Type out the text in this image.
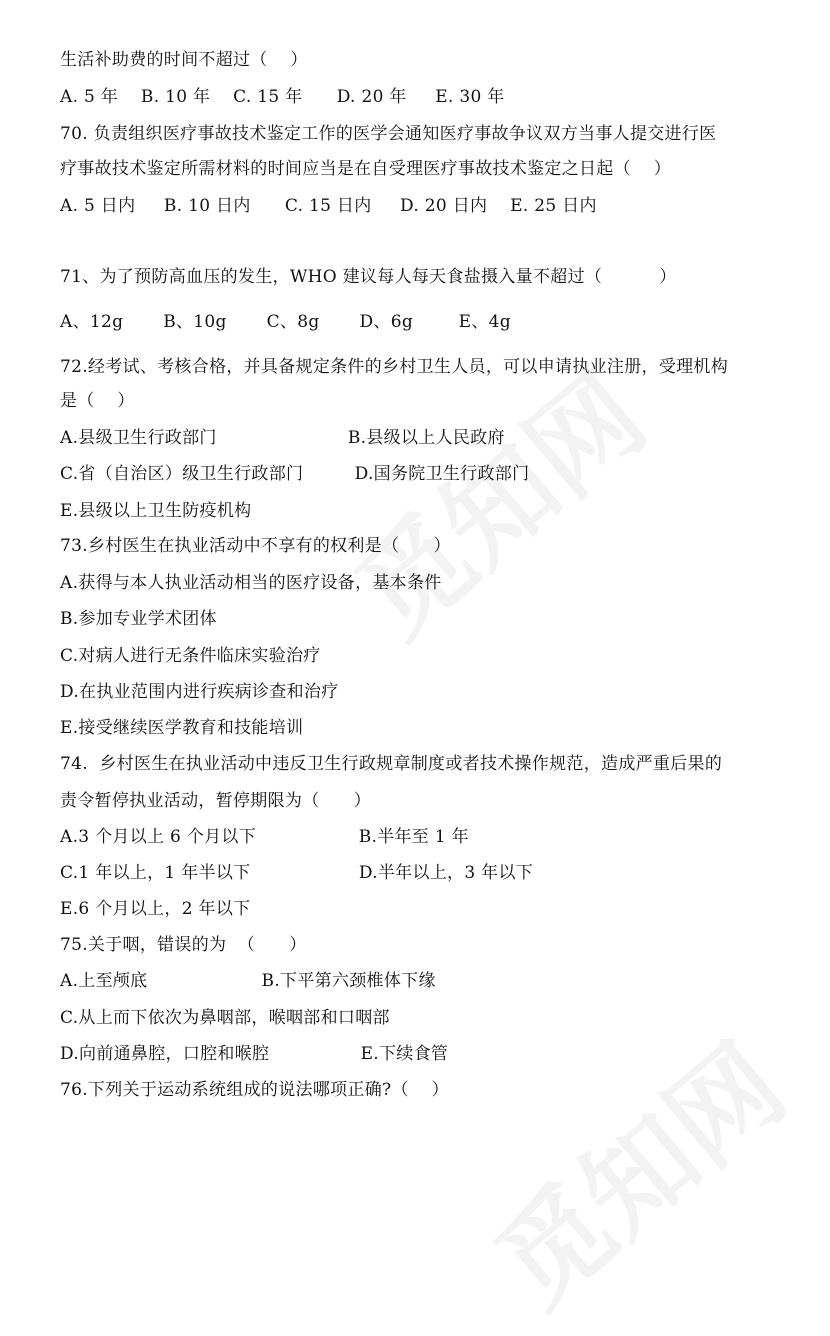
生活补助费的时间不超过（    ）
A. 5 年    B. 10 年    C. 15 年      D. 20 年     E. 30 年
70. 负责组织医疗事故技术鉴定工作的医学会通知医疗事故争议双方当事人提交进行医
疗事故技术鉴定所需材料的时间应当是在自受理医疗事故技术鉴定之日起（    ）
A. 5 日内     B. 10 日内      C. 15 日内     D. 20 日内    E. 25 日内
71、为了预防高血压的发生，WHO 建议每人每天食盐摄入量不超过（          ）
A、12g       B、10g       C、8g       D、6g        E、4g
72.经考试、考核合格，并具备规定条件的乡村卫生人员，可以申请执业注册，受理机构
是（    ）
A.县级卫生行政部门                       B.县级以上人民政府
C.省（自治区）级卫生行政部门         D.国务院卫生行政部门
E.县级以上卫生防疫机构
73.乡村医生在执业活动中不享有的权利是（      ）
A.获得与本人执业活动相当的医疗设备，基本条件
B.参加专业学术团体
C.对病人进行无条件临床实验治疗
D.在执业范围内进行疾病诊查和治疗
E.接受继续医学教育和技能培训
74.  乡村医生在执业活动中违反卫生行政规章制度或者技术操作规范，造成严重后果的
责令暂停执业活动，暂停期限为（      ）
A.3 个月以上 6 个月以下                  B.半年至 1 年
C.1 年以上，1 年半以下                   D.半年以上，3 年以下
E.6 个月以上，2 年以下
75.关于咽，错误的为  （      ）
A.上至颅底                    B.下平第六颈椎体下缘
C.从上而下依次为鼻咽部，喉咽部和口咽部
D.向前通鼻腔，口腔和喉腔                E.下续食管
76.下列关于运动系统组成的说法哪项正确?（    ）
